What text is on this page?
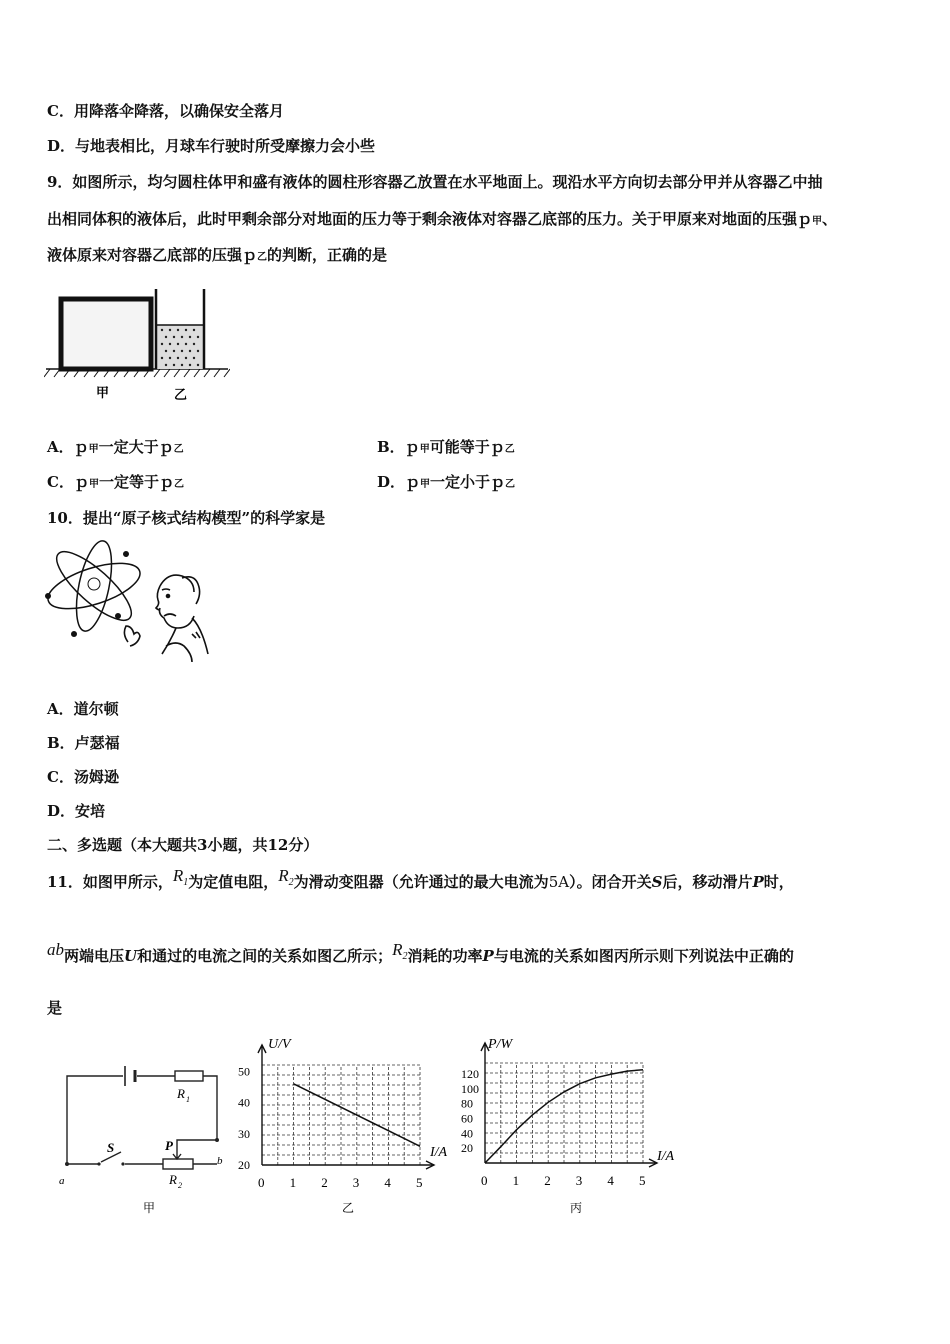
C．用降落伞降落，以确保安全落月
D．与地表相比，月球车行驶时所受摩擦力会小些
9．如图所示，均匀圆柱体甲和盛有液体的圆柱形容器乙放置在水平地面上。现沿水平方向切去部分甲并从容器乙中抽
出相同体积的液体后，此时甲剩余部分对地面的压力等于剩余液体对容器乙底部的压力。关于甲原来对地面的压强ｐ甲、
液体原来对容器乙底部的压强ｐ乙的判断，正确的是
甲	乙
A．ｐ甲一定大于ｐ乙	B．ｐ甲可能等于ｐ乙
C．ｐ甲一定等于ｐ乙	D．ｐ甲一定小于ｐ乙
10．提出“原子核式结构模型”的科学家是
A．道尔顿
B．卢瑟福
C．汤姆逊
D．安培
二、多选题（本大题共3小题，共12分）
11．如图甲所示，R1为定值电阻，R2为滑动变阻器（允许通过的最大电流为5A）。闭合开关S后，移动滑片P时，
ab两端电压U和通过的电流之间的关系如图乙所示；R2消耗的功率P与电流的关系如图丙所示则下列说法中正确的
是
R 1
R 2
S	P
a
b
甲
0 1 2 3 4 5
20
30
40
50
U/V
I/A
乙
0 1 2 3 4 5
20
40
60
80
100
120
P/W
I/A
丙
